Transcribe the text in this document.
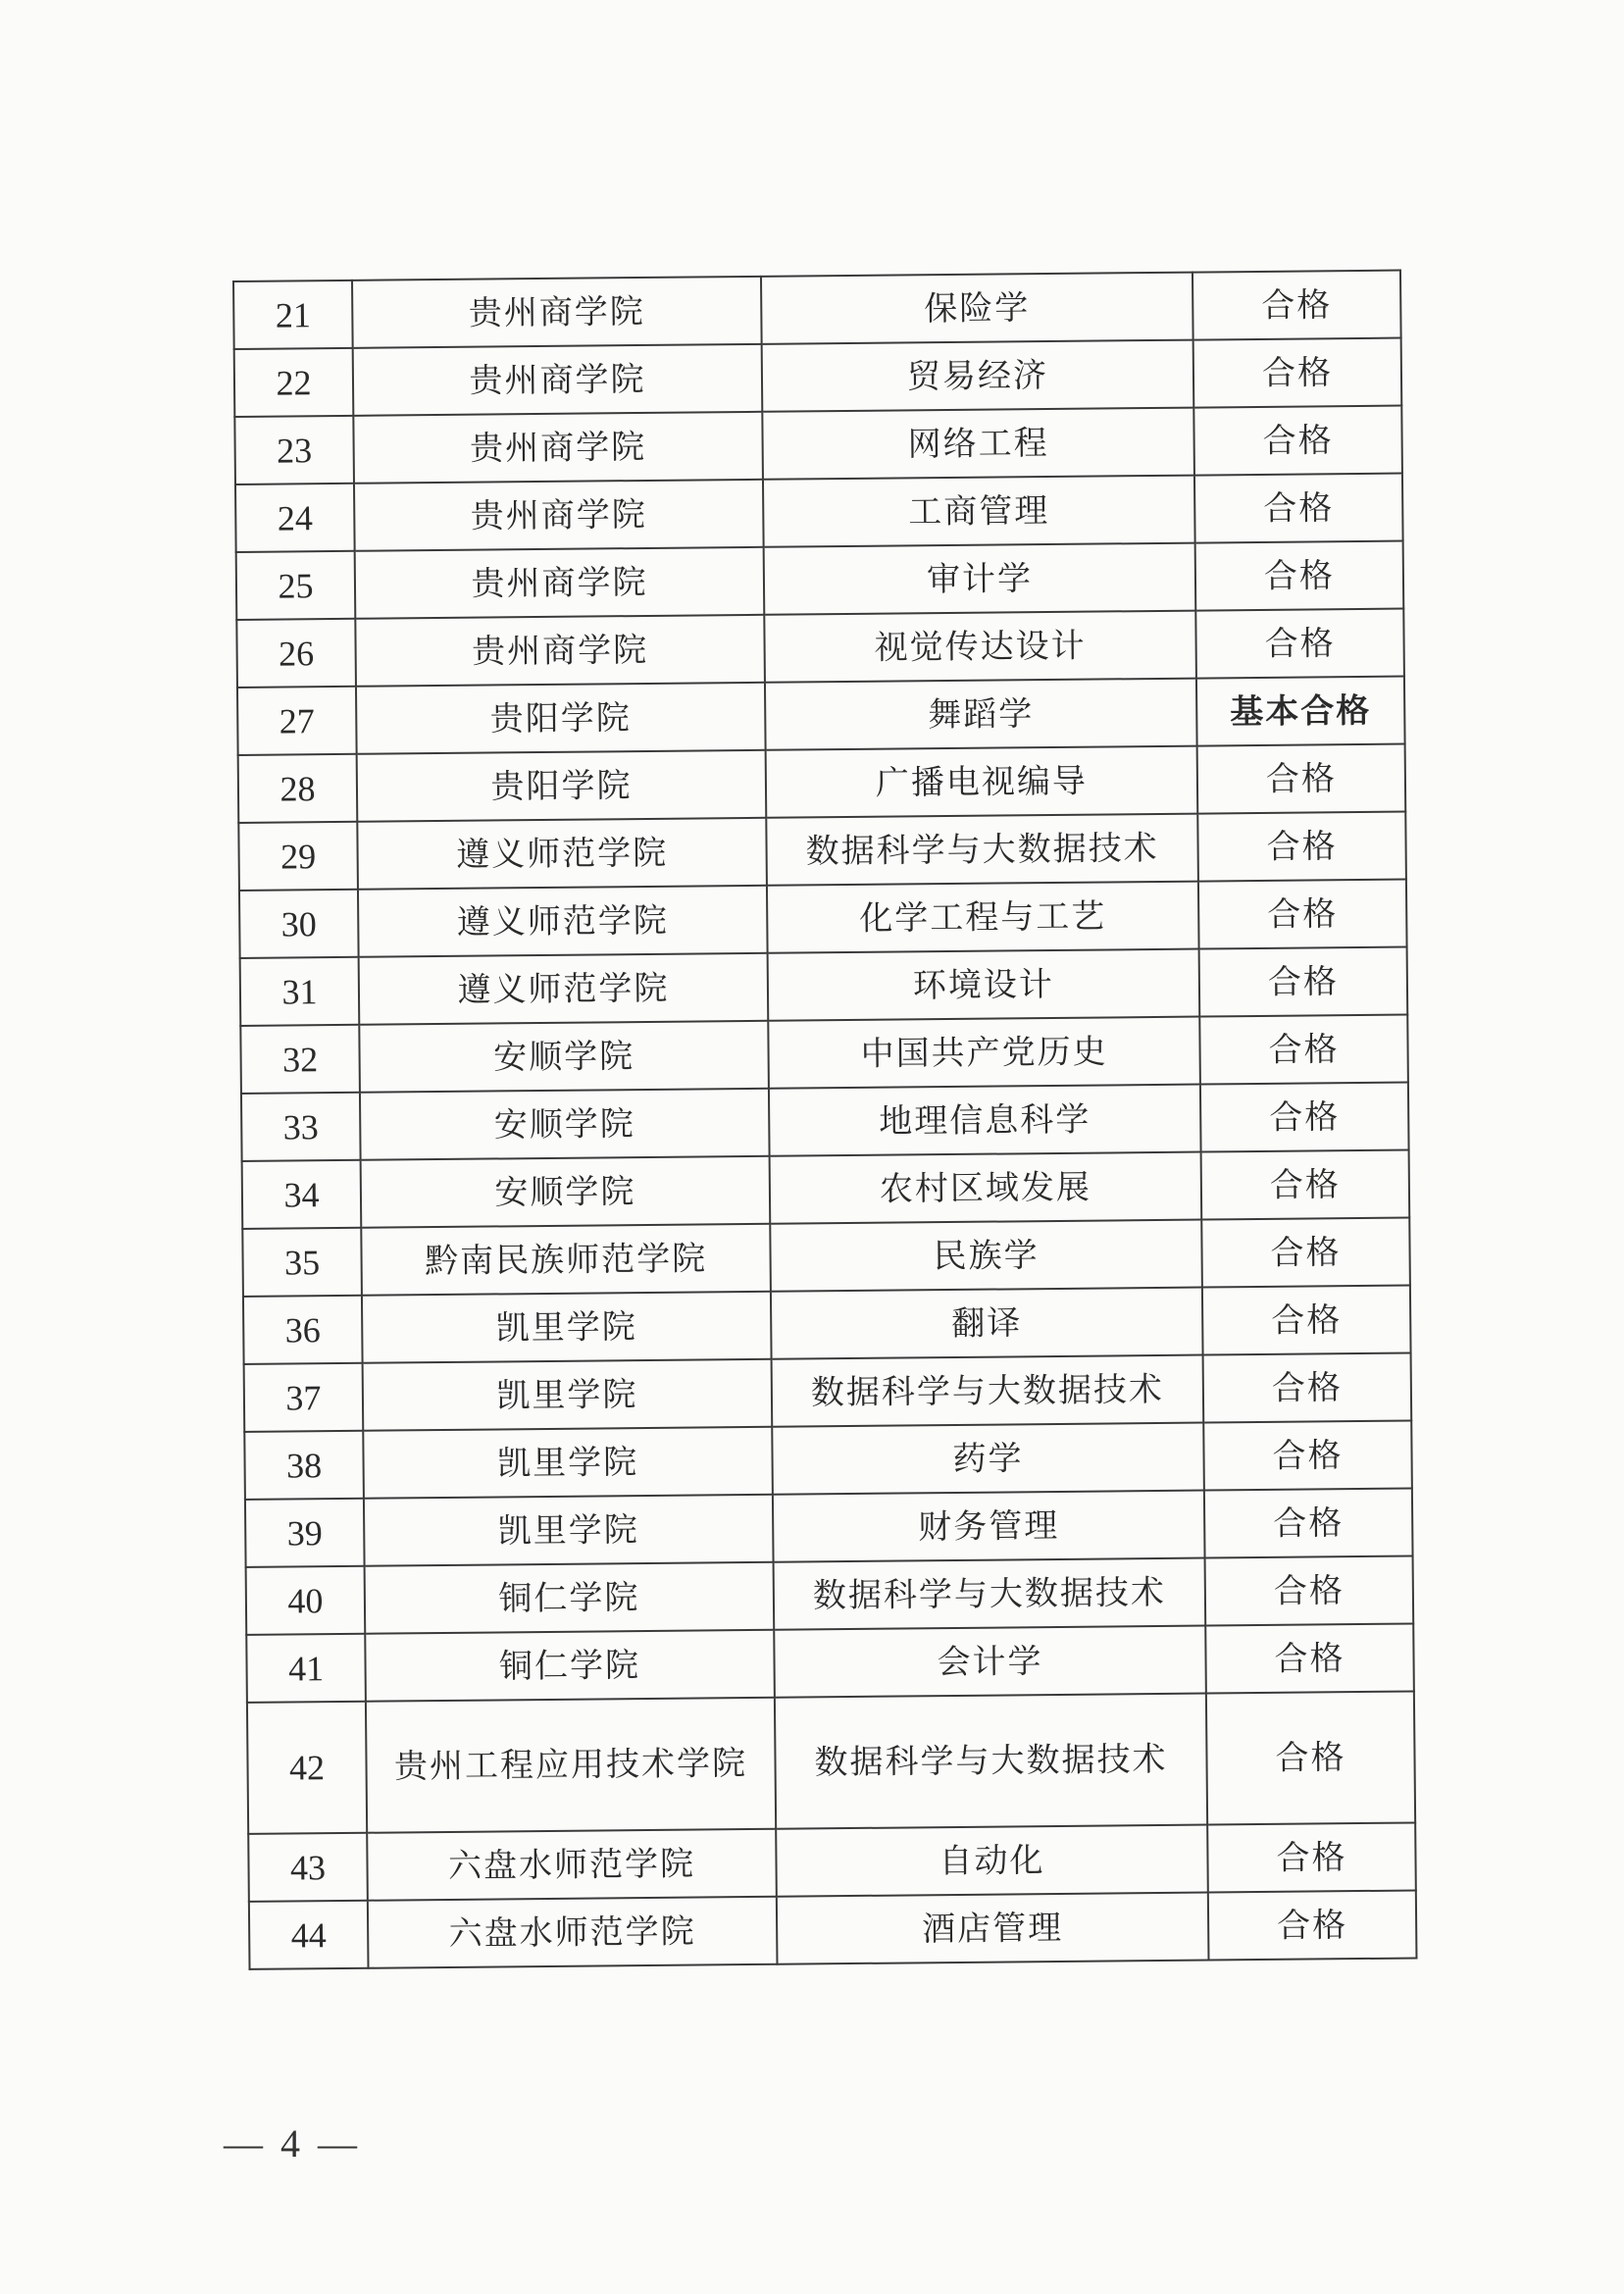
21	贵州商学院	保险学	合格
22	贵州商学院	贸易经济	合格
23	贵州商学院	网络工程	合格
24	贵州商学院	工商管理	合格
25	贵州商学院	审计学	合格
26	贵州商学院	视觉传达设计	合格
27	贵阳学院	舞蹈学	基本合格
28	贵阳学院	广播电视编导	合格
29	遵义师范学院	数据科学与大数据技术	合格
30	遵义师范学院	化学工程与工艺	合格
31	遵义师范学院	环境设计	合格
32	安顺学院	中国共产党历史	合格
33	安顺学院	地理信息科学	合格
34	安顺学院	农村区域发展	合格
35	黔南民族师范学院	民族学	合格
36	凯里学院	翻译	合格
37	凯里学院	数据科学与大数据技术	合格
38	凯里学院	药学	合格
39	凯里学院	财务管理	合格
40	铜仁学院	数据科学与大数据技术	合格
41	铜仁学院	会计学	合格
42	贵州工程应用技术学院	数据科学与大数据技术	合格
43	六盘水师范学院	自动化	合格
44	六盘水师范学院	酒店管理	合格
— 4 —
